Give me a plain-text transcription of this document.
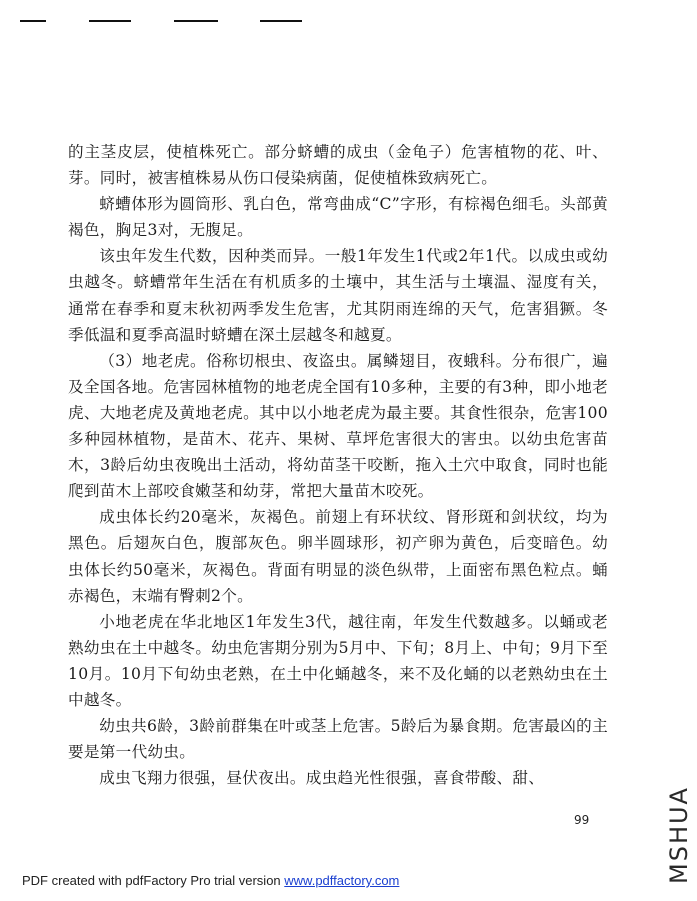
的主茎皮层，使植株死亡。部分蛴螬的成虫（金龟子）危害植物的花、叶、芽。同时，被害植株易从伤口侵染病菌，促使植株致病死亡。

蛴螬体形为圆筒形、乳白色，常弯曲成“C”字形，有棕褐色细毛。头部黄褐色，胸足3对，无腹足。

该虫年发生代数，因种类而异。一般1年发生1代或2年1代。以成虫或幼虫越冬。蛴螬常年生活在有机质多的土壤中，其生活与土壤温、湿度有关，通常在春季和夏末秋初两季发生危害，尤其阴雨连绵的天气，危害猖獗。冬季低温和夏季高温时蛴螬在深土层越冬和越夏。

（3）地老虎。俗称切根虫、夜盗虫。属鳞翅目，夜蛾科。分布很广，遍及全国各地。危害园林植物的地老虎全国有10多种，主要的有3种，即小地老虎、大地老虎及黄地老虎。其中以小地老虎为最主要。其食性很杂，危害100多种园林植物，是苗木、花卉、果树、草坪危害很大的害虫。以幼虫危害苗木，3龄后幼虫夜晚出土活动，将幼苗茎干咬断，拖入土穴中取食，同时也能爬到苗木上部咬食嫩茎和幼芽，常把大量苗木咬死。

成虫体长约20毫米，灰褐色。前翅上有环状纹、肾形斑和剑状纹，均为黑色。后翅灰白色，腹部灰色。卵半圆球形，初产卵为黄色，后变暗色。幼虫体长约50毫米，灰褐色。背面有明显的淡色纵带，上面密布黑色粒点。蛹赤褐色，末端有臀刺2个。

小地老虎在华北地区1年发生3代，越往南，年发生代数越多。以蛹或老熟幼虫在土中越冬。幼虫危害期分别为5月中、下旬；8月上、中旬；9月下至10月。10月下旬幼虫老熟，在土中化蛹越冬，来不及化蛹的以老熟幼虫在土中越冬。

幼虫共6龄，3龄前群集在叶或茎上危害。5龄后为暴食期。危害最凶的主要是第一代幼虫。

成虫飞翔力很强，昼伏夜出。成虫趋光性很强，喜食带酸、甜、

99
PDF created with pdfFactory Pro trial version www.pdffactory.com	MSHUA
